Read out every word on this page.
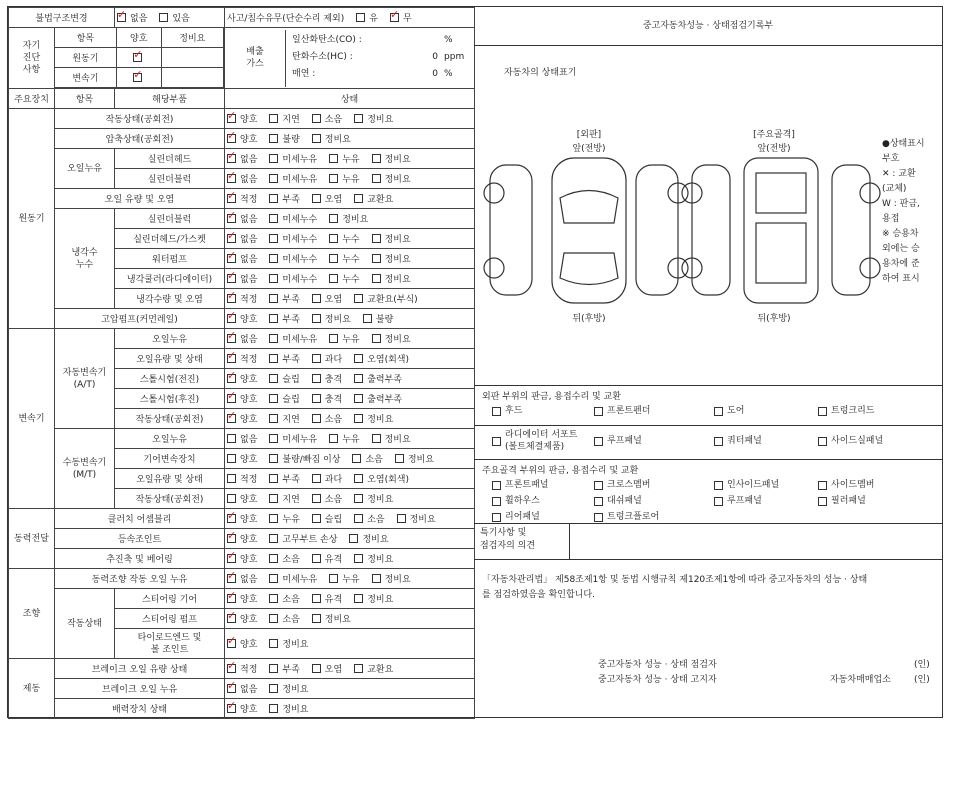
불법구조변경	
✓없음	있음	사고/침수유무(단순수리 제외)	유
✓	무

자기
진단
사항	
항목	양호	정비요
원동기	✓	
변속기	✓	

배출
가스
일산화탄소(CO) :	%
탄화수소(HC) :	0 ppm
매연 :	0 %

주요장치	항목	해당부품	상태
원동기	작동상태(공회전)	
✓양호	지연	소음	정비요

압축상태(공회전)	
✓양호	불량	정비요

오일누유	실린더헤드	
✓없음	미세누유	누유	정비요

실린더블럭	
✓없음	미세누유	누유	정비요

오일 유량 및 오염	
✓적정	부족	오염	교환요

냉각수
누수	실린더블럭	
✓없음	미세누수	정비요

실린더헤드/가스켓	
✓없음	미세누수	누수	정비요

워터펌프	
✓없음	미세누수	누수	정비요

냉각쿨러(라디에이터)	
✓없음	미세누수	누수	정비요

냉각수량 및 오염	
✓적정	부족	오염	교환요(부식)

고압펌프(커먼레일)	
✓양호	부족	정비요	불량

변속기	자동변속기
(A/T)	오일누유	
✓없음	미세누유	누유	정비요

오일유량 및 상태	
✓적정	부족	과다	오염(회색)

스톨시험(전진)	
✓양호	슬립	충격	출력부족

스톨시험(후진)	
✓양호	슬립	충격	출력부족

작동상태(공회전)	
✓양호	지연	소음	정비요

수동변속기
(M/T)	오일누유	없음	미세누유	누유	정비요

기어변속장치	양호	불량/빠짐 이상	소음	정비요

오일유량 및 상태	적정	부족	과다	오염(회색)

작동상태(공회전)	양호	지연	소음	정비요

동력전달	클러치 어셈블리	
✓양호	누유	슬립	소음	정비요

등속조인트	
✓양호	고무부트 손상	정비요

추진축 및 베어링	
✓양호	소음	유격	정비요

조향	동력조향 작동 오일 누유	
✓없음	미세누유	누유	정비요

작동상태	스티어링 기어	
✓양호	소음	유격	정비요

스티어링 펌프	
✓양호	소음	정비요

타이로드엔드 및
볼 조인트	
✓양호	정비요

제동	브레이크 오일 유량 상태	
✓적정	부족	오염	교환요

브레이크 오일 누유	
✓없음	정비요

배력장치 상태	
✓양호	정비요
중고자동차성능 · 상태점검기록부
자동차의 상태표기
[외판]
앞(전방)
[주요골격]
앞(전방)
뒤(후방)	뒤(후방)
●상태표시
부호
✕ : 교환
(교체)
W : 판금,
용접
※ 승용차
외에는 승
용차에 준
하여 표시
외판 부위의 판금, 용접수리 및 교환
후드	프론트펜더	도어	트렁크리드
라디에이터 서포트
(볼트체결제품)
루프패널	쿼터패널	사이드실패널
주요골격 부위의 판금, 용접수리 및 교환
프론트패널	크로스멤버	인사이드패널	사이드멤버
휠하우스	대쉬패널	루프패널	필러패널
리어패널	트렁크플로어
특기사항 및
점검자의 의견
「자동차관리법」 제58조제1항 및 동법 시행규칙 제120조제1항에 따라 중고자동차의 성능 · 상태
를 점검하였음을 확인합니다.
중고자동차 성능 · 상태 점검자	(인)
중고자동차 성능 · 상태 고지자	자동차매매업소	(인)
